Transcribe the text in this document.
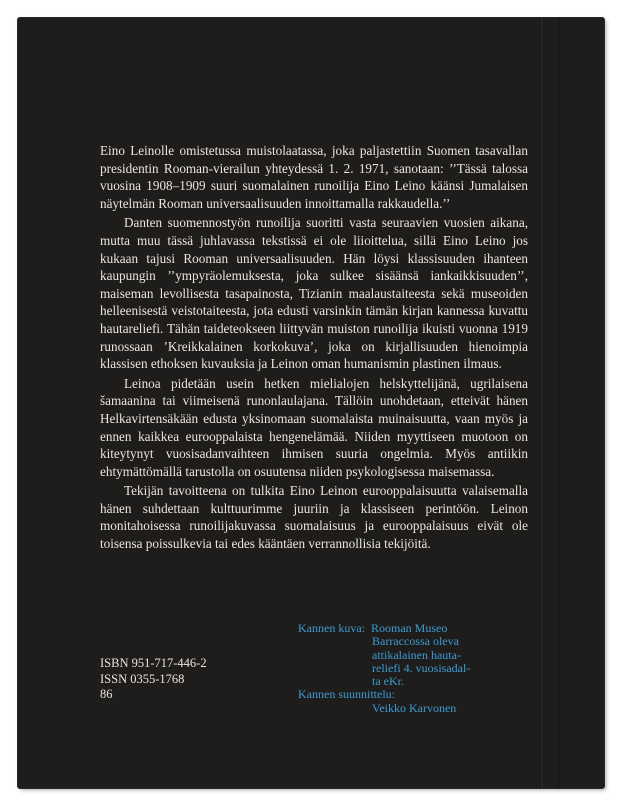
Eino Leinolle omistetussa muistolaatassa, joka paljastettiin Suomen tasavallan presidentin Rooman-vierailun yhteydessä 1. 2. 1971, sanotaan: ’’Tässä talossa vuosina 1908–1909 suuri suomalainen runoilija Eino Leino käänsi Jumalaisen näytelmän Rooman universaalisuuden innoittamalla rakkaudella.’’

Danten suomennostyön runoilija suoritti vasta seuraavien vuosien aikana, mutta muu tässä juhlavassa tekstissä ei ole liioittelua, sillä Eino Leino jos kukaan tajusi Rooman universaalisuuden. Hän löysi klassisuuden ihanteen kaupungin ’’ympyräolemuksesta, joka sulkee sisäänsä iankaikkisuuden’’, maiseman levollisesta tasapainosta, Tizianin maalaustaiteesta sekä museoiden helleenisestä veistotaiteesta, jota edusti varsinkin tämän kirjan kannessa kuvattu hautareliefi. Tähän taideteokseen liittyvän muiston runoilija ikuisti vuonna 1919 runossaan ’Kreikkalainen korkokuva’, joka on kirjallisuuden hienoimpia klassisen ethoksen kuvauksia ja Leinon oman humanismin plastinen ilmaus.

Leinoa pidetään usein hetken mielialojen helskyttelijänä, ugrilaisena šamaanina tai viimeisenä runonlaulajana. Tällöin unohdetaan, etteivät hänen Helkavirtensäkään edusta yksinomaan suomalaista muinaisuutta, vaan myös ja ennen kaikkea eurooppalaista hengenelämää. Niiden myyttiseen muotoon on kiteytynyt vuosisadanvaihteen ihmisen suuria ongelmia. Myös antiikin ehtymättömällä tarustolla on osuutensa niiden psykologisessa maisemassa.

Tekijän tavoitteena on tulkita Eino Leinon eurooppalaisuutta valaisemalla hänen suhdettaan kulttuurimme juuriin ja klassiseen perintöön. Leinon monitahoisessa runoilijakuvassa suomalaisuus ja eurooppalaisuus eivät ole toisensa poissulkevia tai edes kääntäen verrannollisia tekijöitä.

ISBN 951-717-446-2
ISSN 0355-1768
86
Kannen kuva: Rooman Museo
Barraccossa oleva
attikalainen hauta-
reliefi 4. vuosisadal-
ta eKr.
Kannen suunnittelu:
Veikko Karvonen
